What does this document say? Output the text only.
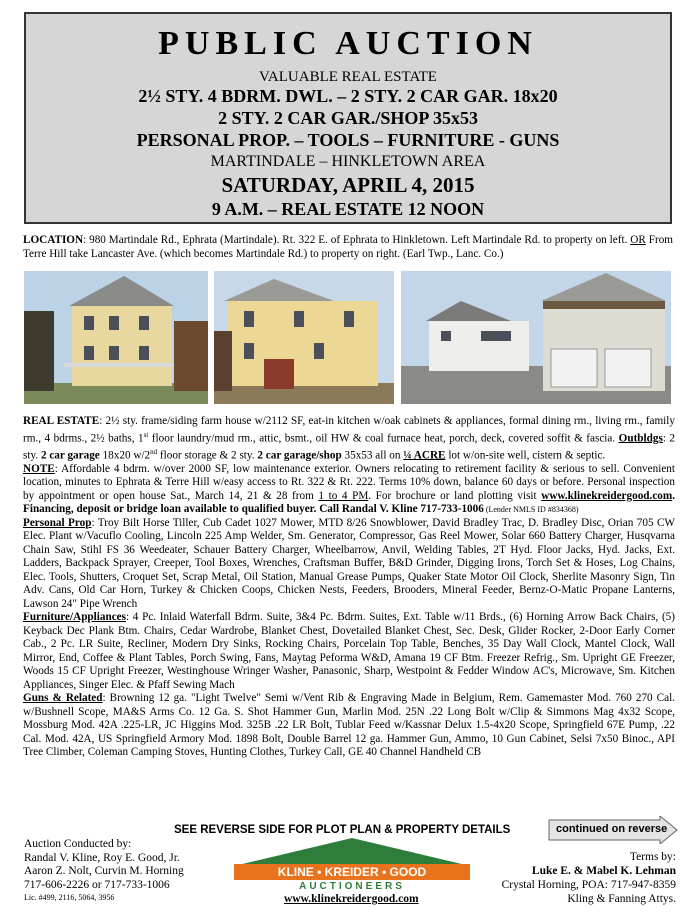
PUBLIC AUCTION
VALUABLE REAL ESTATE
2½ STY. 4 BDRM. DWL. – 2 STY. 2 CAR GAR. 18x20
2 STY. 2 CAR GAR./SHOP 35x53
PERSONAL PROP. – TOOLS – FURNITURE - GUNS
MARTINDALE – HINKLETOWN AREA
SATURDAY, APRIL 4, 2015
9 A.M. – REAL ESTATE 12 NOON
LOCATION: 980 Martindale Rd., Ephrata (Martindale). Rt. 322 E. of Ephrata to Hinkletown. Left Martindale Rd. to property on left. OR From Terre Hill take Lancaster Ave. (which becomes Martindale Rd.) to property on right. (Earl Twp., Lanc. Co.)

REAL ESTATE: 2½ sty. frame/siding farm house w/2112 SF, eat-in kitchen w/oak cabinets & appliances, formal dining rm., living rm., family rm., 4 bdrms., 2½ baths, 1st floor laundry/mud rm., attic, bsmt., oil HW & coal furnace heat, porch, deck, covered soffit & fascia. Outbldgs: 2 sty. 2 car garage 18x20 w/2nd floor storage & 2 sty. 2 car garage/shop 35x53 all on ¼ ACRE lot w/on-site well, cistern & septic.

NOTE: Affordable 4 bdrm. w/over 2000 SF, low maintenance exterior. Owners relocating to retirement facility & serious to sell. Convenient location, minutes to Ephrata & Terre Hill w/easy access to Rt. 322 & Rt. 222. Terms 10% down, balance 60 days or before. Personal inspection by appointment or open house Sat., March 14, 21 & 28 from 1 to 4 PM. For brochure or land plotting visit www.klinekreidergood.com. Financing, deposit or bridge loan available to qualified buyer. Call Randal V. Kline 717-733-1006 (Lender NMLS ID #834368)

Personal Prop: Troy Bilt Horse Tiller, Cub Cadet 1027 Mower, MTD 8/26 Snowblower, David Bradley Trac, D. Bradley Disc, Orian 705 CW Elec. Plant w/Vacuflo Cooling, Lincoln 225 Amp Welder, Sm. Generator, Compressor, Gas Reel Mower, Solar 660 Battery Charger, Husqvarna Chain Saw, Stihl FS 36 Weedeater, Schauer Battery Charger, Wheelbarrow, Anvil, Welding Tables, 2T Hyd. Floor Jacks, Hyd. Jacks, Ext. Ladders, Backpack Sprayer, Creeper, Tool Boxes, Wrenches, Craftsman Buffer, B&D Grinder, Digging Irons, Torch Set & Hoses, Log Chains, Elec. Tools, Shutters, Croquet Set, Scrap Metal, Oil Station, Manual Grease Pumps, Quaker State Motor Oil Clock, Sherlite Masonry Sign, Tin Adv. Cans, Old Car Horn, Turkey & Chicken Coops, Chicken Nests, Feeders, Brooders, Mineral Feeder, Bernz-O-Matic Propane Lanterns, Lawson 24" Pipe Wrench

Furniture/Appliances: 4 Pc. Inlaid Waterfall Bdrm. Suite, 3&4 Pc. Bdrm. Suites, Ext. Table w/11 Brds., (6) Horning Arrow Back Chairs, (5) Keyback Dec Plank Btm. Chairs, Cedar Wardrobe, Blanket Chest, Dovetailed Blanket Chest, Sec. Desk, Glider Rocker, 2-Door Early Corner Cab., 2 Pc. LR Suite, Recliner, Modern Dry Sinks, Rocking Chairs, Porcelain Top Table, Benches, 35 Day Wall Clock, Mantel Clock, Wall Mirror, End, Coffee & Plant Tables, Porch Swing, Fans, Maytag Peforma W&D, Amana 19 CF Btm. Freezer Refrig., Sm. Upright GE Freezer, Woods 15 CF Upright Freezer, Westinghouse Wringer Washer, Panasonic, Sharp, Westpoint & Fedder Window AC's, Microwave, Sm. Kitchen Appliances, Singer Elec. & Pfaff Sewing Mach

Guns & Related: Browning 12 ga. "Light Twelve" Semi w/Vent Rib & Engraving Made in Belgium, Rem. Gamemaster Mod. 760 270 Cal. w/Bushnell Scope, MA&S Arms Co. 12 Ga. S. Shot Hammer Gun, Marlin Mod. 25N .22 Long Bolt w/Clip & Simmons Mag 4x32 Scope, Mossburg Mod. 42A .225-LR, JC Higgins Mod. 325B .22 LR Bolt, Tublar Feed w/Kassnar Delux 1.5-4x20 Scope, Springfield 67E Pump, .22 Cal. Mod. 42A, US Springfield Armory Mod. 1898 Bolt, Double Barrel 12 ga. Hammer Gun, Ammo, 10 Gun Cabinet, Selsi 7x50 Binoc., API Tree Climber, Coleman Camping Stoves, Hunting Clothes, Turkey Call, GE 40 Channel Handheld CB

SEE REVERSE SIDE FOR PLOT PLAN & PROPERTY DETAILS	continued on reverse
Auction Conducted by:
Randal V. Kline, Roy E. Good, Jr.
Aaron Z. Nolt, Curvin M. Horning
717-606-2226 or 717-733-1006
Lic. #499, 2116, 5064, 3956
KLINE • KREIDER • GOOD
AUCTIONEERS
www.klinekreidergood.com
Terms by:
Luke E. & Mabel K. Lehman
Crystal Horning, POA: 717-947-8359
Kling & Fanning Attys.
